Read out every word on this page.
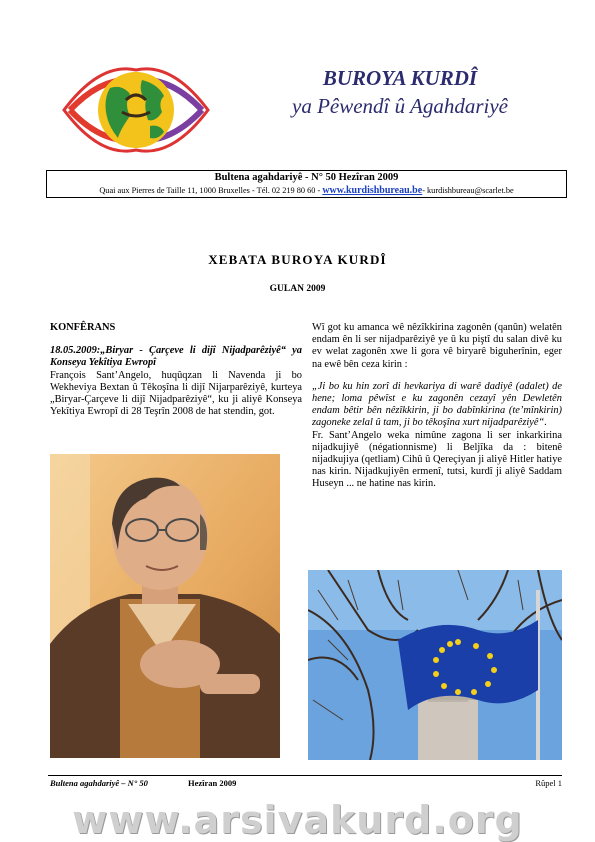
BUROYA KURDÎ
ya Pêwendî û Agahdariyê
Bultena agahdariyê - N° 50 Hezîran 2009
Quai aux Pierres de Taille 11, 1000 Bruxelles - Tél. 02 219 80 60 - www.kurdishbureau.be- kurdishbureau@scarlet.be
XEBATA BUROYA KURDÎ
GULAN 2009
KONFÊRANS
18.05.2009:„Biryar - Çarçeve li dijî Nijadparêziyê“ ya Konseya Yekîtiya Ewropî
François Sant’Angelo, huqûqzan li Navenda ji bo Wekheviya Bextan û Têkoşîna li dijî Nijarparêziyê, kurteya „Biryar-Çarçeve li dijî Nijadparêziyê“, ku ji aliyê Konseya Yekîtiya Ewropî di 28 Teşrîn 2008 de hat stendin, got.
Wî got ku amanca wê nêzîkkirina zagonên (qanûn) welatên endam ên li ser nijadparêziyê ye û ku piştî du salan divê ku ev welat zagonên xwe li gora vê biryarê biguherînin, eger na ewê bên ceza kirin :
„Ji bo ku hin zorî di hevkariya di warê dadiyê (adalet) de hene; loma pêwîst e ku zagonên cezayî yên Dewletên endam bêtir bên nêzîkkirin, ji bo dabînkirina (te’mînkirin) zagoneke zelal û tam, ji bo têkoşîna xurt nijadparêziyê“.
Fr. Sant’Angelo weka nimûne zagona li ser inkarkirina nijadkujiyê (négationnisme) li Beljîka da : bitenê nijadkujiya (qetliam) Cihû û Qereçiyan ji aliyê Hitler hatiye nas kirin. Nijadkujiyên ermenî, tutsi, kurdî ji aliyê Saddam Huseyn ... ne hatine nas kirin.
Bultena agahdariyê – N° 50	Hezîran 2009	Rûpel 1
www.arsivakurd.org
